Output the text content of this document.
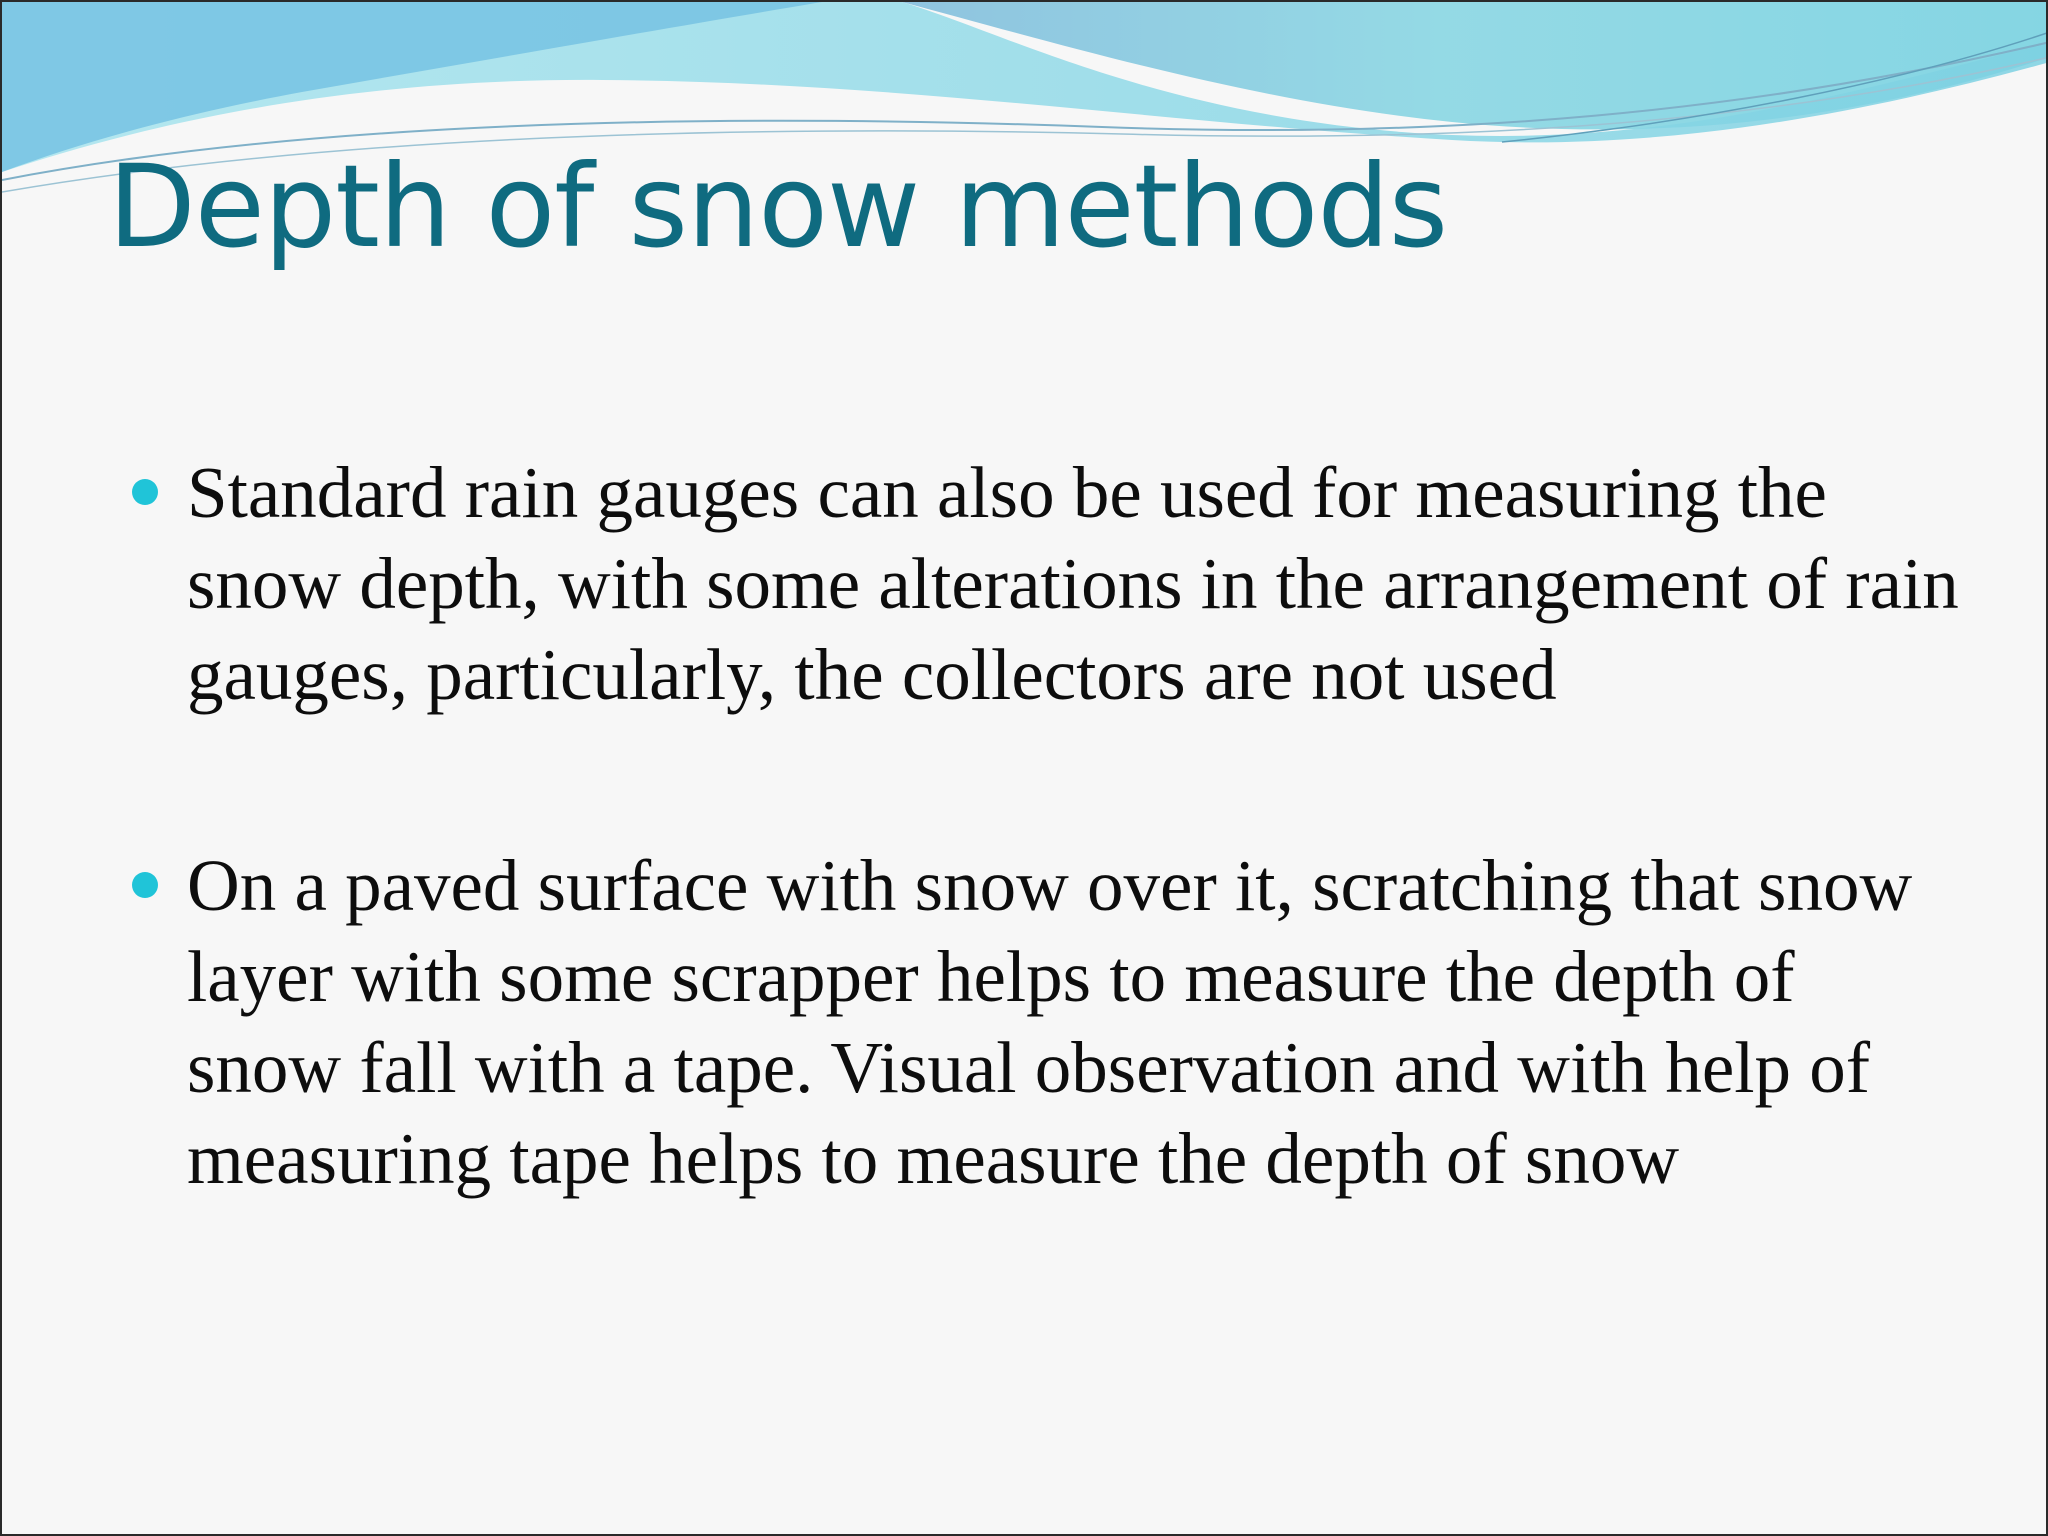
Depth of snow methods
Standard rain gauges can also be used for measuring the snow depth, with some alterations in the arrangement of rain gauges, particularly, the collectors are not used
On a paved surface with snow over it, scratching that snow layer with some scrapper helps to measure the depth of snow fall with a tape. Visual observation and with help of measuring tape helps to measure the depth of snow
